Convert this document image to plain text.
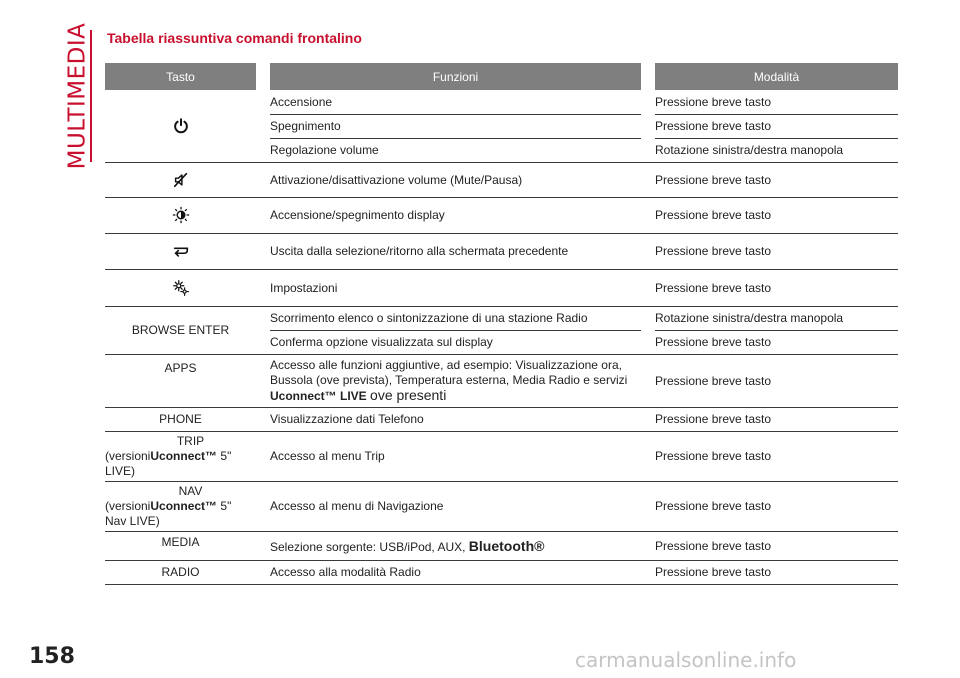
MULTIMEDIA Tabella riassuntiva comandi frontalino
Tasto		Funzioni		Modalità
		Accensione		Pressione breve tasto
		Spegnimento		Pressione breve tasto
		Regolazione volume		Rotazione sinistra/destra manopola
		Attivazione/disattivazione volume (Mute/Pausa)		Pressione breve tasto
		Accensione/spegnimento display		Pressione breve tasto
		Uscita dalla selezione/ritorno alla schermata precedente		Pressione breve tasto
		Impostazioni		Pressione breve tasto
BROWSE ENTER		Scorrimento elenco o sintonizzazione di una stazione Radio		Rotazione sinistra/destra manopola
		Conferma opzione visualizzata sul display		Pressione breve tasto
APPS		Accesso alle funzioni aggiuntive, ad esempio: Visualizzazione ora,
Bussola (ove prevista), Temperatura esterna, Media Radio e servizi
Uconnect™ LIVE ove presenti		Pressione breve tasto
PHONE		Visualizzazione dati Telefono		Pressione breve tasto

TRIP
(versioniUconnect™ 5"
LIVE)		Accesso al menu Trip		Pressione breve tasto

NAV
(versioniUconnect™ 5"
Nav LIVE)		Accesso al menu di Navigazione		Pressione breve tasto
MEDIA		Selezione sorgente: USB/iPod, AUX, Bluetooth®		Pressione breve tasto
RADIO		Accesso alla modalità Radio		Pressione breve tasto
158	carmanualsonline.info
